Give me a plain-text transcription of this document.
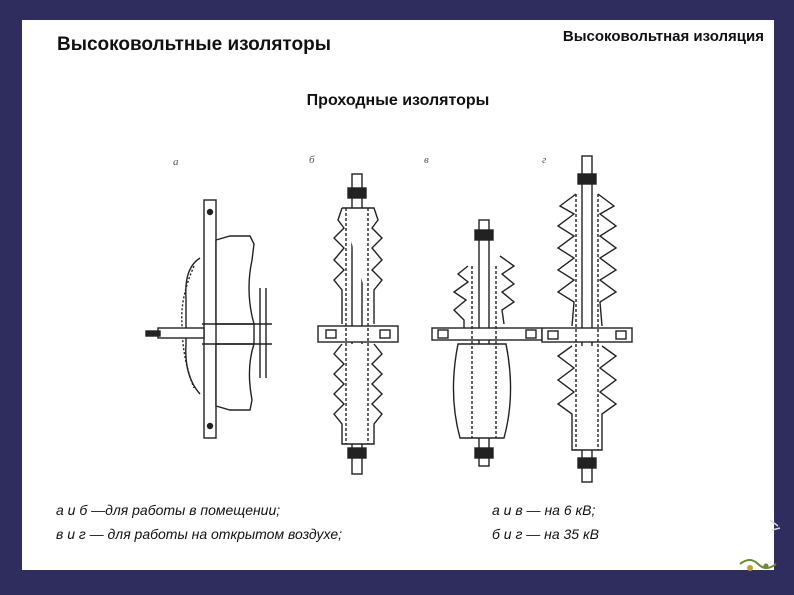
Высоковольтные изоляторы	Высоковольтная изоляция
Проходные изоляторы
а	б	в	г
а и б —для работы в помещении;
в и г — для работы на открытом воздухе;
а и в — на 6 кВ;
б и г — на 35 кВ
